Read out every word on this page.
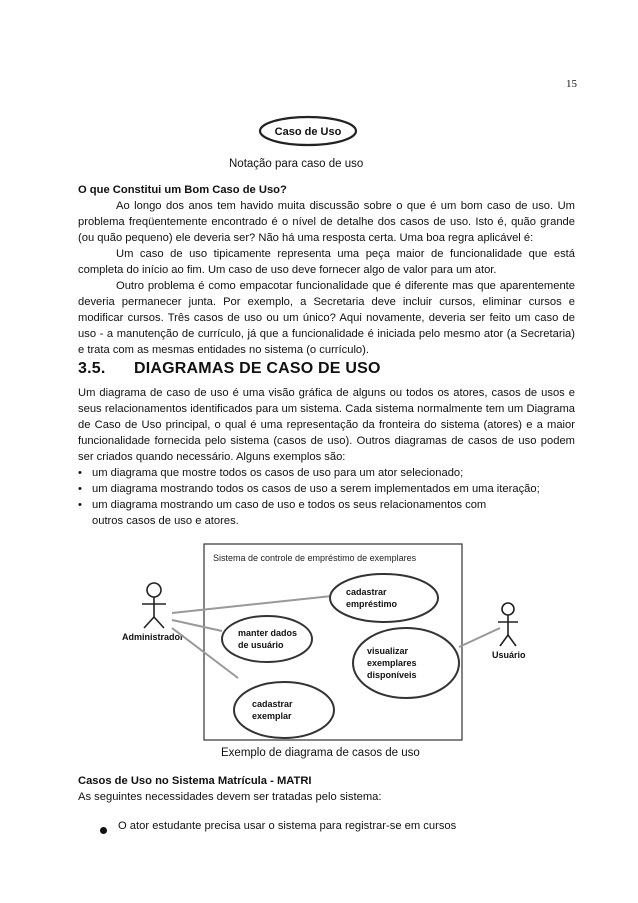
15
Caso de Uso
Notação para caso de uso
O que Constitui um Bom Caso de Uso?
Ao longo dos anos tem havido muita discussão sobre o que é um bom caso de uso. Um problema freqüentemente encontrado é o nível de detalhe dos casos de uso. Isto é, quão grande (ou quão pequeno) ele deveria ser? Não há uma resposta certa. Uma boa regra aplicável é:
Um caso de uso tipicamente representa uma peça maior de funcionalidade que está completa do início ao fim. Um caso de uso deve fornecer algo de valor para um ator.
Outro problema é como empacotar funcionalidade que é diferente mas que aparentemente deveria permanecer junta. Por exemplo, a Secretaria deve incluir cursos, eliminar cursos e modificar cursos. Três casos de uso ou um único? Aqui novamente, deveria ser feito um caso de uso - a manutenção de currículo, já que a funcionalidade é iniciada pelo mesmo ator (a Secretaria) e trata com as mesmas entidades no sistema (o currículo).
3.5. DIAGRAMAS DE CASO DE USO
Um diagrama de caso de uso é uma visão gráfica de alguns ou todos os atores, casos de usos e seus relacionamentos identificados para um sistema. Cada sistema normalmente tem um Diagrama de Caso de Uso principal, o qual é uma representação da fronteira do sistema (atores) e a maior funcionalidade fornecida pelo sistema (casos de uso). Outros diagramas de casos de uso podem ser criados quando necessário. Alguns exemplos são:
• um diagrama que mostre todos os casos de uso para um ator selecionado;
• um diagrama mostrando todos os casos de uso a serem implementados em uma iteração;
• um diagrama mostrando um caso de uso e todos os seus relacionamentos com outros casos de uso e atores.
Sistema de controle de empréstimo de exemplares
Administrador
Usuário
cadastrar
empréstimo
manter dados
de usuário
visualizar
exemplares
disponíveis
cadastrar
exemplar
Exemplo de diagrama de casos de uso
Casos de Uso no Sistema Matrícula - MATRI
As seguintes necessidades devem ser tratadas pelo sistema:
O ator estudante precisa usar o sistema para registrar-se em cursos
